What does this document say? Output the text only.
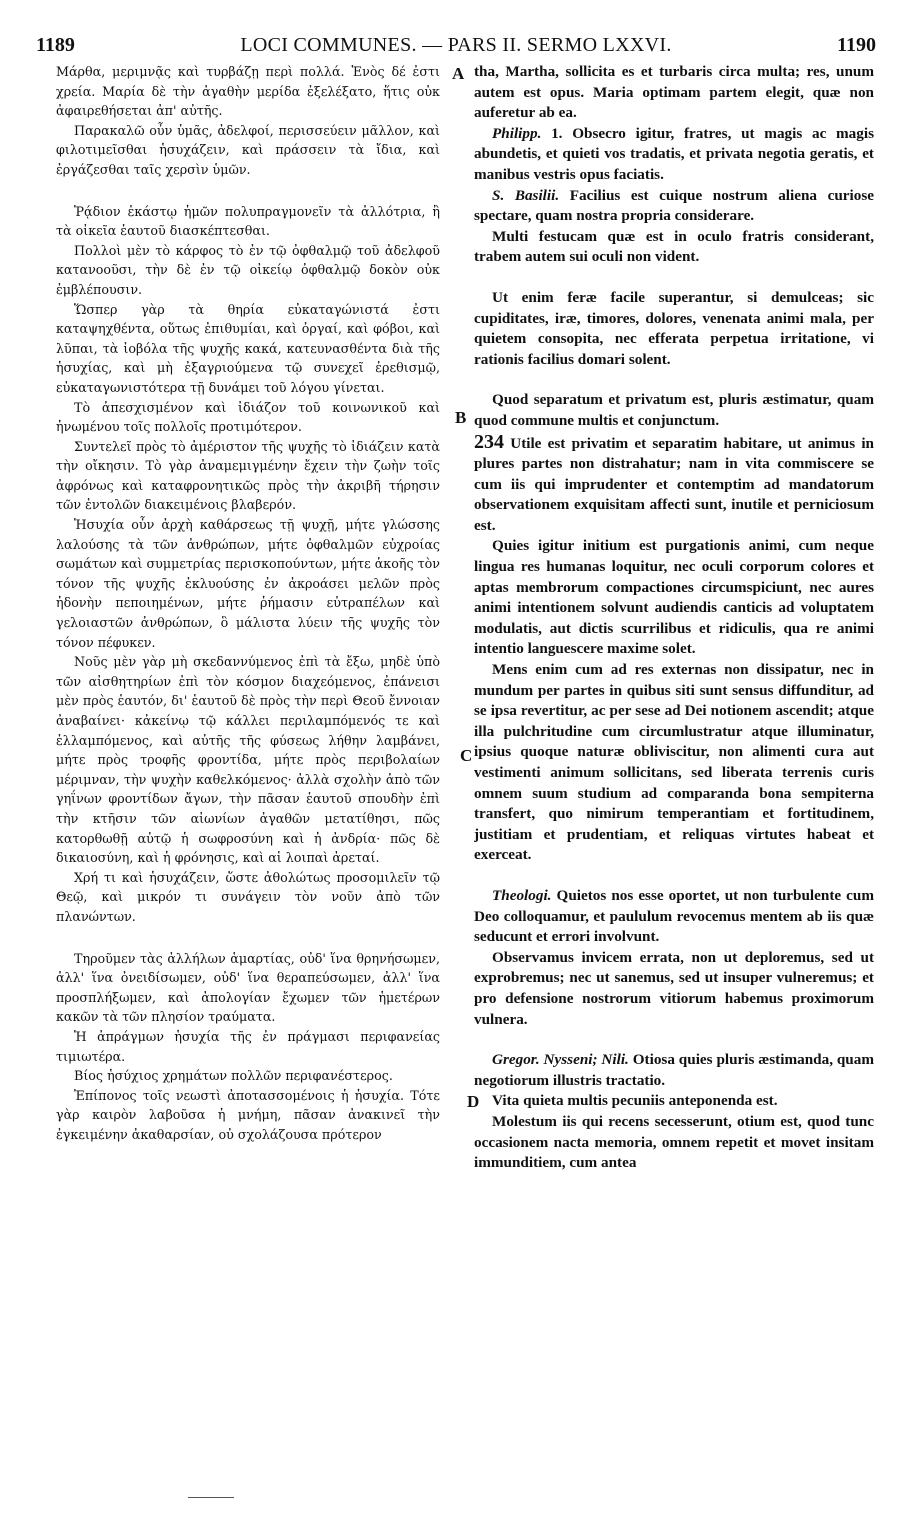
1189	LOCI COMMUNES. — PARS II. SERMO LXXVI.	1190

Μάρθα, μεριμνᾷς καὶ τυρβάζῃ περὶ πολλά. Ἑνὸς δέ ἐστι χρεία. Μαρία δὲ τὴν ἀγαθὴν μερίδα ἐξελέξατο, ἥτις οὐκ ἀφαιρεθήσεται ἀπ' αὐτῆς.

Παρακαλῶ οὖν ὑμᾶς, ἀδελφοί, περισσεύειν μᾶλλον, καὶ φιλοτιμεῖσθαι ἡσυχάζειν, καὶ πράσσειν τὰ ἴδια, καὶ ἐργάζεσθαι ταῖς χερσὶν ὑμῶν.

Ῥᾴδιον ἑκάστῳ ἡμῶν πολυπραγμονεῖν τὰ ἀλλότρια, ἢ τὰ οἰκεῖα ἑαυτοῦ διασκέπτεσθαι.

Πολλοὶ μὲν τὸ κάρφος τὸ ἐν τῷ ὀφθαλμῷ τοῦ ἀδελφοῦ κατανοοῦσι, τὴν δὲ ἐν τῷ οἰκείῳ ὀφθαλμῷ δοκὸν οὐκ ἐμβλέπουσιν.

Ὥσπερ γὰρ τὰ θηρία εὐκαταγώνιστά ἐστι καταψηχθέντα, οὕτως ἐπιθυμίαι, καὶ ὀργαί, καὶ φόβοι, καὶ λῦπαι, τὰ ἰοβόλα τῆς ψυχῆς κακά, κατευνασθέντα διὰ τῆς ἡσυχίας, καὶ μὴ ἐξαγριούμενα τῷ συνεχεῖ ἐρεθισμῷ, εὐκαταγωνιστότερα τῇ δυνάμει τοῦ λόγου γίνεται.

Τὸ ἀπεσχισμένον καὶ ἰδιάζον τοῦ κοινωνικοῦ καὶ ἡνωμένου τοῖς πολλοῖς προτιμότερον.

Συντελεῖ πρὸς τὸ ἀμέριστον τῆς ψυχῆς τὸ ἰδιάζειν κατὰ τὴν οἴκησιν. Τὸ γὰρ ἀναμεμιγμένην ἔχειν τὴν ζωὴν τοῖς ἀφρόνως καὶ καταφρονητικῶς πρὸς τὴν ἀκριβῆ τήρησιν τῶν ἐντολῶν διακειμένοις βλαβερόν.

Ἡσυχία οὖν ἀρχὴ καθάρσεως τῇ ψυχῇ, μήτε γλώσσης λαλούσης τὰ τῶν ἀνθρώπων, μήτε ὀφθαλμῶν εὐχροίας σωμάτων καὶ συμμετρίας περισκοπούντων, μήτε ἀκοῆς τὸν τόνον τῆς ψυχῆς ἐκλυούσης ἐν ἀκροάσει μελῶν πρὸς ἡδονὴν πεποιημένων, μήτε ῥήμασιν εὐτραπέλων καὶ γελοιαστῶν ἀνθρώπων, ὃ μάλιστα λύειν τῆς ψυχῆς τὸν τόνον πέφυκεν.

Νοῦς μὲν γὰρ μὴ σκεδαννύμενος ἐπὶ τὰ ἔξω, μηδὲ ὑπὸ τῶν αἰσθητηρίων ἐπὶ τὸν κόσμον διαχεόμενος, ἐπάνεισι μὲν πρὸς ἑαυτόν, δι' ἑαυτοῦ δὲ πρὸς τὴν περὶ Θεοῦ ἔννοιαν ἀναβαίνει· κἀκείνῳ τῷ κάλλει περιλαμπόμενός τε καὶ ἐλλαμπόμενος, καὶ αὐτῆς τῆς φύσεως λήθην λαμβάνει, μήτε πρὸς τροφῆς φροντίδα, μήτε πρὸς περιβολαίων μέριμναν, τὴν ψυχὴν καθελκόμενος· ἀλλὰ σχολὴν ἀπὸ τῶν γηΐνων φροντίδων ἄγων, τὴν πᾶσαν ἑαυτοῦ σπουδὴν ἐπὶ τὴν κτῆσιν τῶν αἰωνίων ἀγαθῶν μετατίθησι, πῶς κατορθωθῇ αὐτῷ ἡ σωφροσύνη καὶ ἡ ἀνδρία· πῶς δὲ δικαιοσύνη, καὶ ἡ φρόνησις, καὶ αἱ λοιπαὶ ἀρεταί.

Χρή τι καὶ ἡσυχάζειν, ὥστε ἀθολώτως προσομιλεῖν τῷ Θεῷ, καὶ μικρόν τι συνάγειν τὸν νοῦν ἀπὸ τῶν πλανώντων.

Τηροῦμεν τὰς ἀλλήλων ἁμαρτίας, οὐδ' ἵνα θρηνήσωμεν, ἀλλ' ἵνα ὀνειδίσωμεν, οὐδ' ἵνα θεραπεύσωμεν, ἀλλ' ἵνα προσπλήξωμεν, καὶ ἀπολογίαν ἔχωμεν τῶν ἡμετέρων κακῶν τὰ τῶν πλησίον τραύματα.

Ἡ ἀπράγμων ἡσυχία τῆς ἐν πράγμασι περιφανείας τιμιωτέρα.

Βίος ἡσύχιος χρημάτων πολλῶν περιφανέστερος.

Ἐπίπονος τοῖς νεωστὶ ἀποτασσομένοις ἡ ἡσυχία. Τότε γὰρ καιρὸν λαβοῦσα ἡ μνήμη, πᾶσαν ἀνακινεῖ τὴν ἐγκειμένην ἀκαθαρσίαν, οὐ σχολάζουσα πρότερον

A
B
C
D

tha, Martha, sollicita es et turbaris circa multa; res, unum autem est opus. Maria optimam partem elegit, quæ non auferetur ab ea.

Philipp. 1. Obsecro igitur, fratres, ut magis ac magis abundetis, et quieti vos tradatis, et privata negotia geratis, et manibus vestris opus faciatis.

S. Basilii. Facilius est cuique nostrum aliena curiose spectare, quam nostra propria considerare.

Multi festucam quæ est in oculo fratris considerant, trabem autem sui oculi non vident.

Ut enim feræ facile superantur, si demulceas; sic cupiditates, iræ, timores, dolores, venenata animi mala, per quietem consopita, nec efferata perpetua irritatione, vi rationis facilius domari solent.

Quod separatum et privatum est, pluris æstimatur, quam quod commune multis et conjunctum.

234 Utile est privatim et separatim habitare, ut animus in plures partes non distrahatur; nam in vita commiscere se cum iis qui imprudenter et contemptim ad mandatorum observationem exquisitam affecti sunt, inutile et perniciosum est.

Quies igitur initium est purgationis animi, cum neque lingua res humanas loquitur, nec oculi corporum colores et aptas membrorum compactiones circumspiciunt, nec aures animi intentionem solvunt audiendis canticis ad voluptatem modulatis, aut dictis scurrilibus et ridiculis, qua re animi intentio languescere maxime solet.

Mens enim cum ad res externas non dissipatur, nec in mundum per partes in quibus siti sunt sensus diffunditur, ad se ipsa revertitur, ac per sese ad Dei notionem ascendit; atque illa pulchritudine cum circumlustratur atque illuminatur, ipsius quoque naturæ obliviscitur, non alimenti cura aut vestimenti animum sollicitans, sed liberata terrenis curis omnem suum studium ad comparanda bona sempiterna transfert, quo nimirum temperantiam et fortitudinem, justitiam et prudentiam, et reliquas virtutes habeat et exerceat.

Theologi. Quietos nos esse oportet, ut non turbulente cum Deo colloquamur, et paululum revocemus mentem ab iis quæ seducunt et errori involvunt.

Observamus invicem errata, non ut deploremus, sed ut exprobremus; nec ut sanemus, sed ut insuper vulneremus; et pro defensione nostrorum vitiorum habemus proximorum vulnera.

Gregor. Nysseni; Nili. Otiosa quies pluris æstimanda, quam negotiorum illustris tractatio.

Vita quieta multis pecuniis anteponenda est.

Molestum iis qui recens secesserunt, otium est, quod tunc occasionem nacta memoria, omnem repetit et movet insitam immunditiem, cum antea
